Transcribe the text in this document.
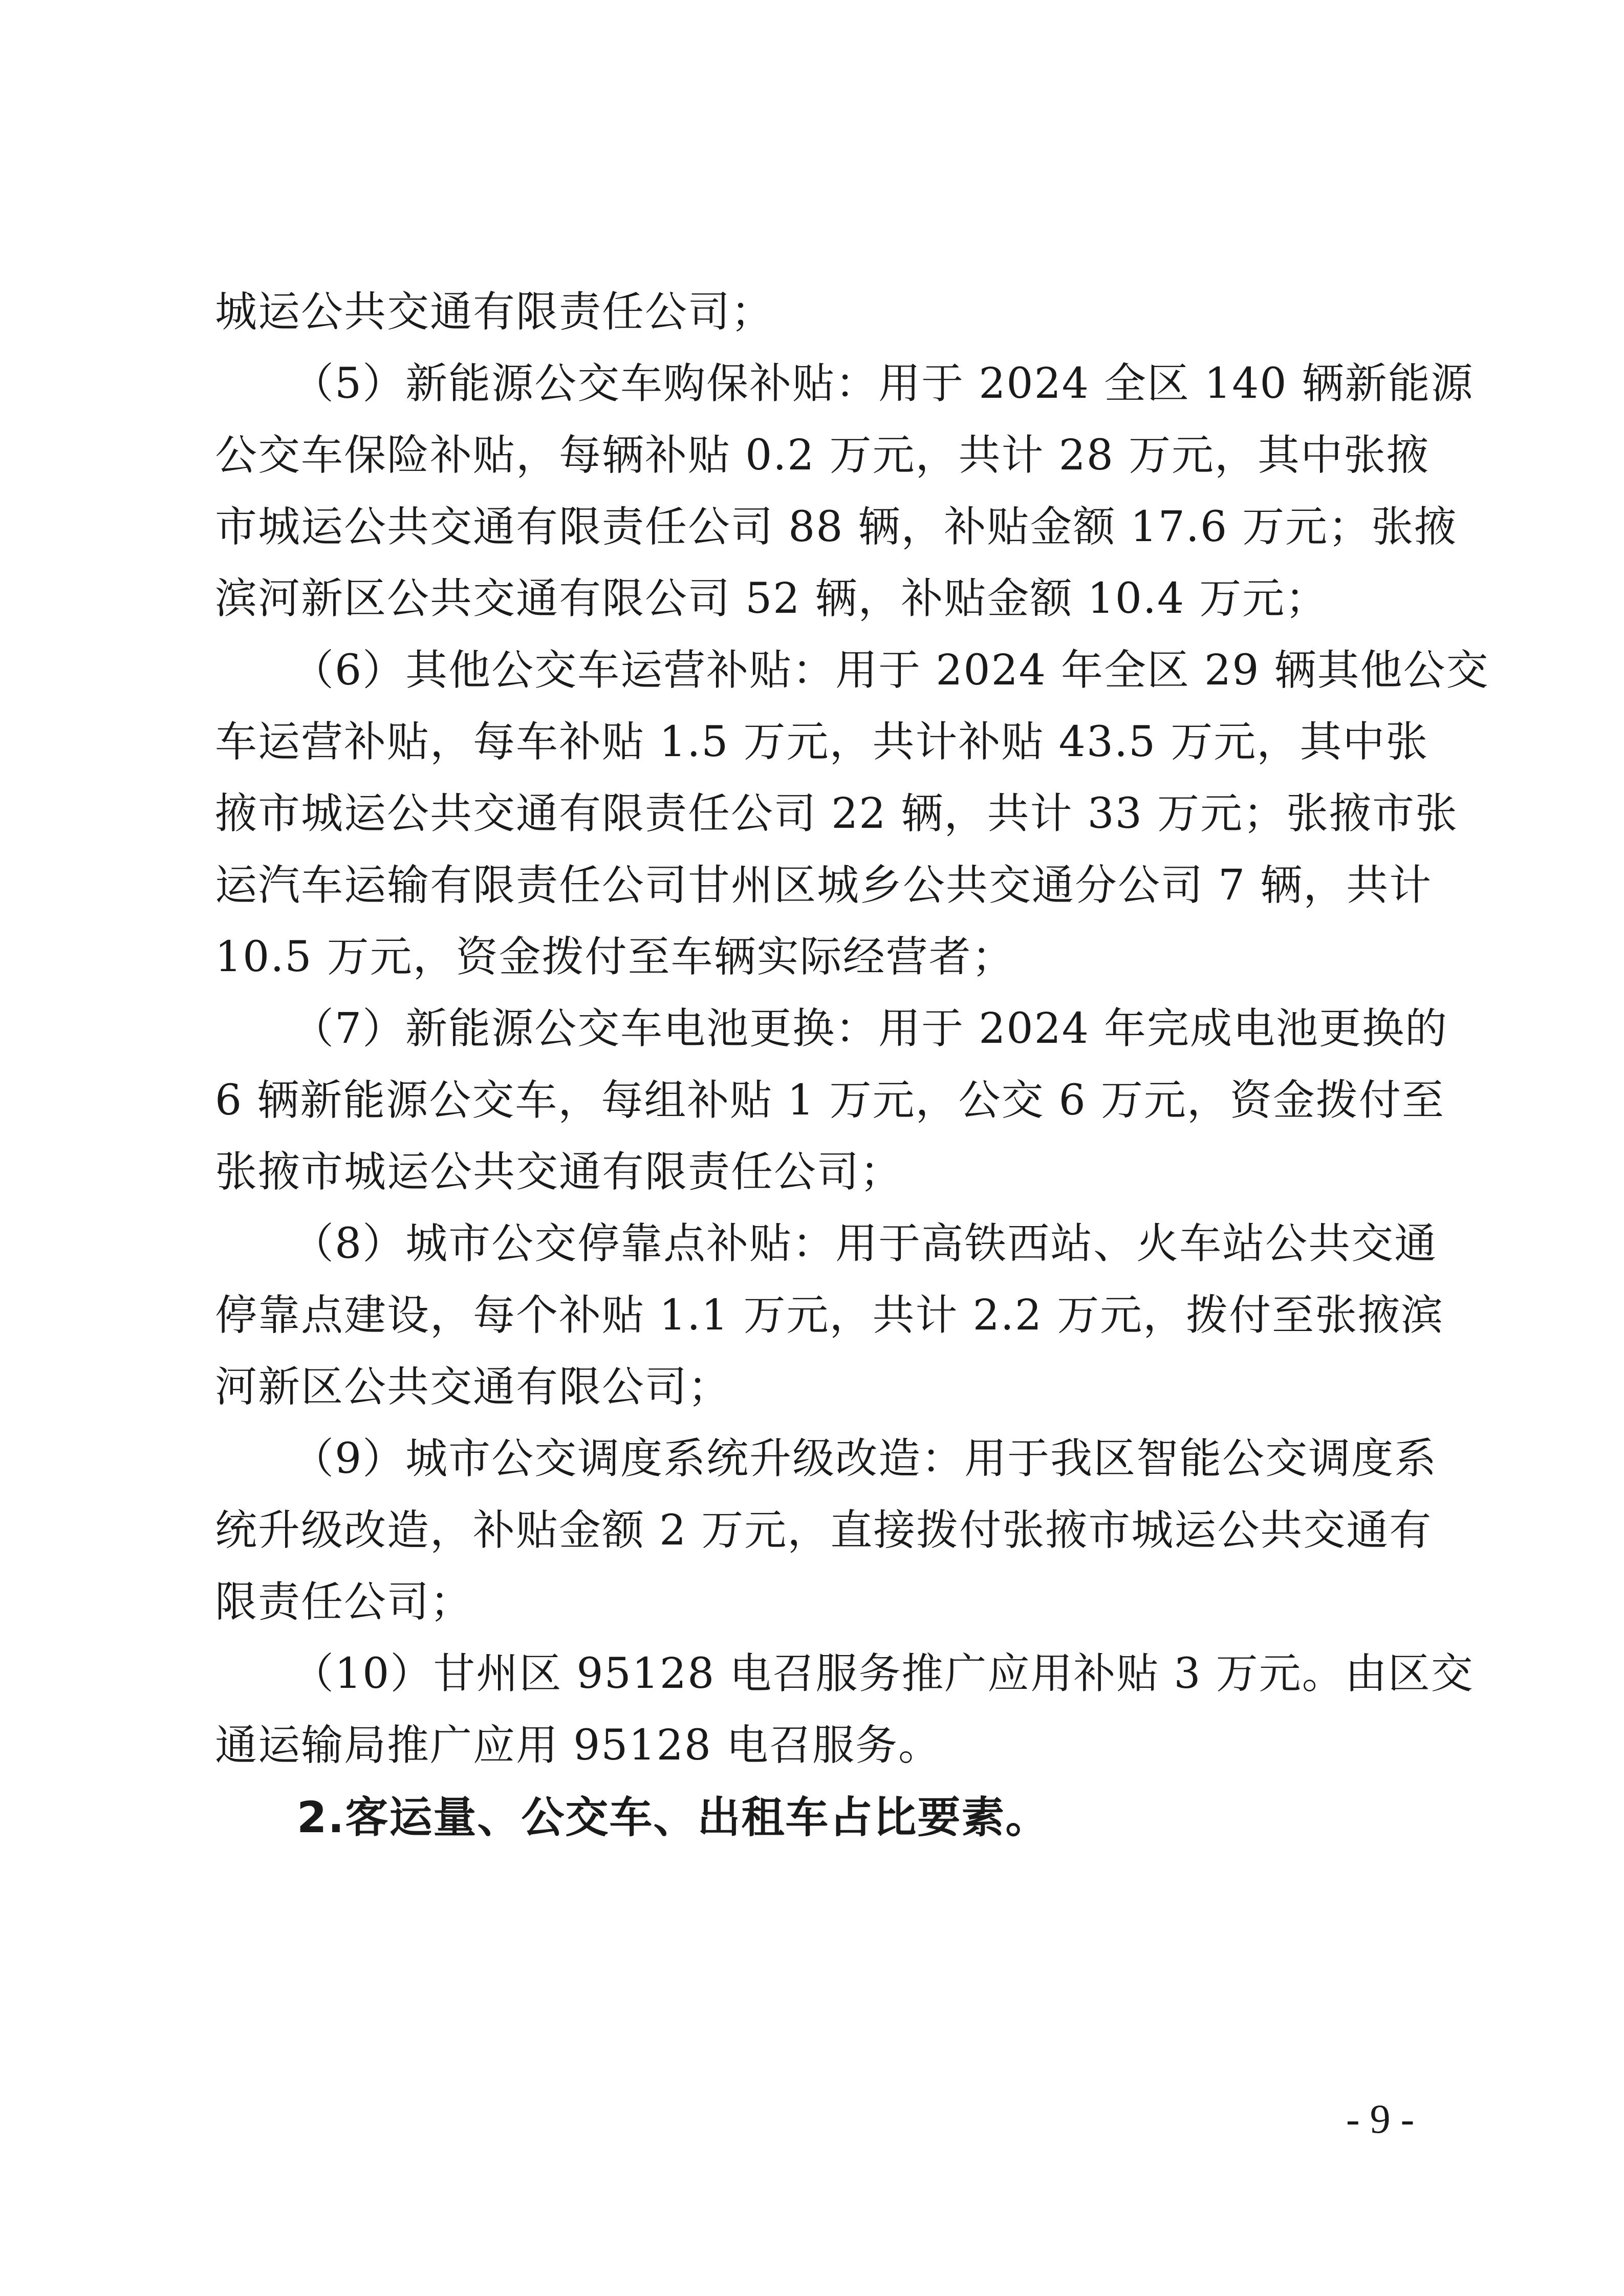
城运公共交通有限责任公司；
（5）新能源公交车购保补贴：用于 2024 全区 140 辆新能源
公交车保险补贴，每辆补贴 0.2 万元，共计 28 万元，其中张掖
市城运公共交通有限责任公司 88 辆，补贴金额 17.6 万元；张掖
滨河新区公共交通有限公司 52 辆，补贴金额 10.4 万元；
（6）其他公交车运营补贴：用于 2024 年全区 29 辆其他公交
车运营补贴，每车补贴 1.5 万元，共计补贴 43.5 万元，其中张
掖市城运公共交通有限责任公司 22 辆，共计 33 万元；张掖市张
运汽车运输有限责任公司甘州区城乡公共交通分公司 7 辆，共计
10.5 万元，资金拨付至车辆实际经营者；
（7）新能源公交车电池更换：用于 2024 年完成电池更换的
6 辆新能源公交车，每组补贴 1 万元，公交 6 万元，资金拨付至
张掖市城运公共交通有限责任公司；
（8）城市公交停靠点补贴：用于高铁西站、火车站公共交通
停靠点建设，每个补贴 1.1 万元，共计 2.2 万元，拨付至张掖滨
河新区公共交通有限公司；
（9）城市公交调度系统升级改造：用于我区智能公交调度系
统升级改造，补贴金额 2 万元，直接拨付张掖市城运公共交通有
限责任公司；
（10）甘州区 95128 电召服务推广应用补贴 3 万元。由区交
通运输局推广应用 95128 电召服务。
2.客运量、公交车、出租车占比要素。
- 9 -
